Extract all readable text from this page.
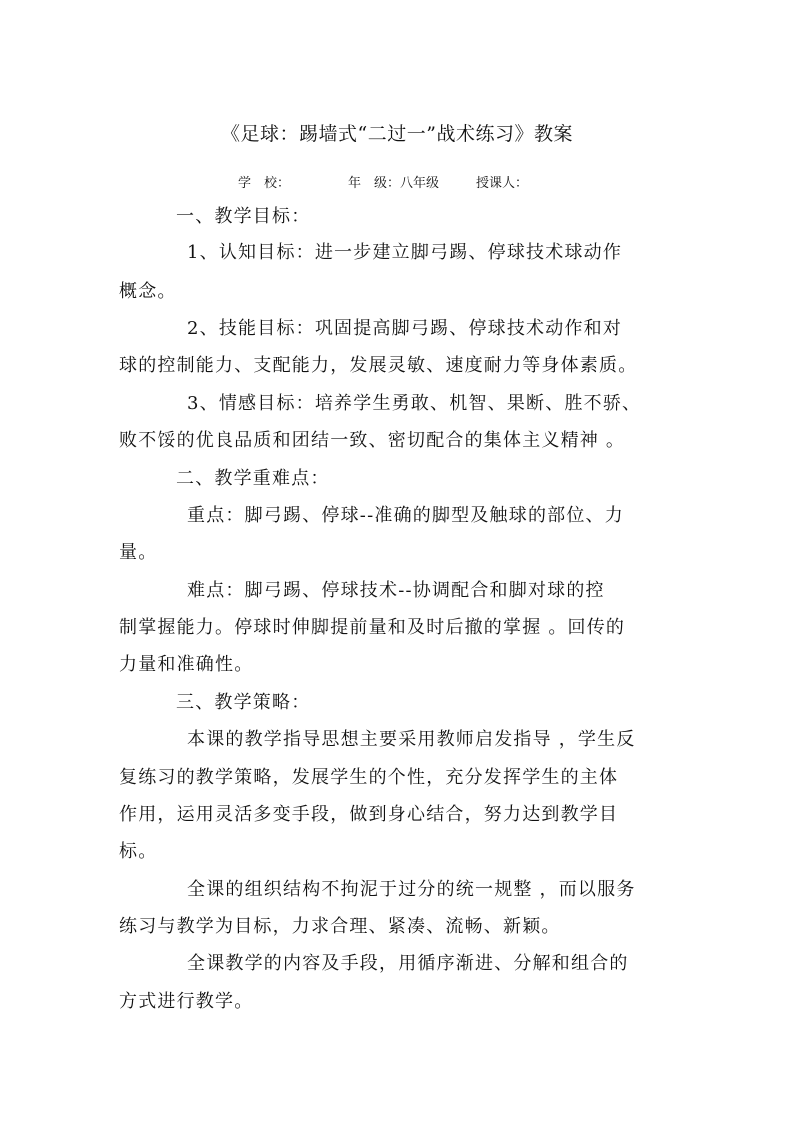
《足球：踢墙式“二过一”战术练习》教案
学　校：	年　级：八年级	授课人：
一、教学目标：
1、认知目标：进一步建立脚弓踢、停球技术球动作
概念。
2、技能目标：巩固提高脚弓踢、停球技术动作和对
球的控制能力、支配能力，发展灵敏、速度耐力等身体素质。
3、情感目标：培养学生勇敢、机智、果断、胜不骄、
败不馁的优良品质和团结一致、密切配合的集体主义精神 。
二、教学重难点：
重点：脚弓踢、停球--准确的脚型及触球的部位、力
量。
难点：脚弓踢、停球技术--协调配合和脚对球的控
制掌握能力。停球时伸脚提前量和及时后撤的掌握 。回传的
力量和准确性。
三、教学策略：
本课的教学指导思想主要采用教师启发指导 ，学生反
复练习的教学策略，发展学生的个性，充分发挥学生的主体
作用，运用灵活多变手段，做到身心结合，努力达到教学目
标。
全课的组织结构不拘泥于过分的统一规整 ，而以服务
练习与教学为目标，力求合理、紧凑、流畅、新颖。
全课教学的内容及手段，用循序渐进、分解和组合的
方式进行教学。
